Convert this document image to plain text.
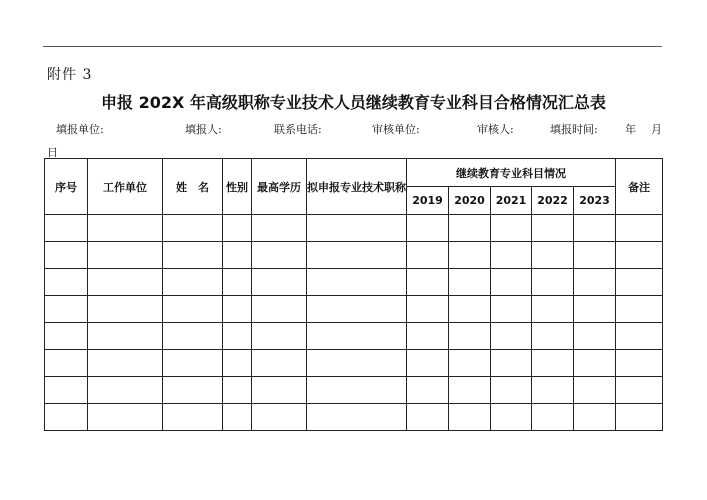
附件 3
申报 202X 年高级职称专业技术人员继续教育专业科目合格情况汇总表
填报单位:	填报人:	联系电话:	审核单位:	审核人:	填报时间: 年 月
日
序号	工作单位	姓　名	性别	最高学历	拟申报专业技术职称	继续教育专业科目情况					备注
						2019	2020	2021	2022	2023	
